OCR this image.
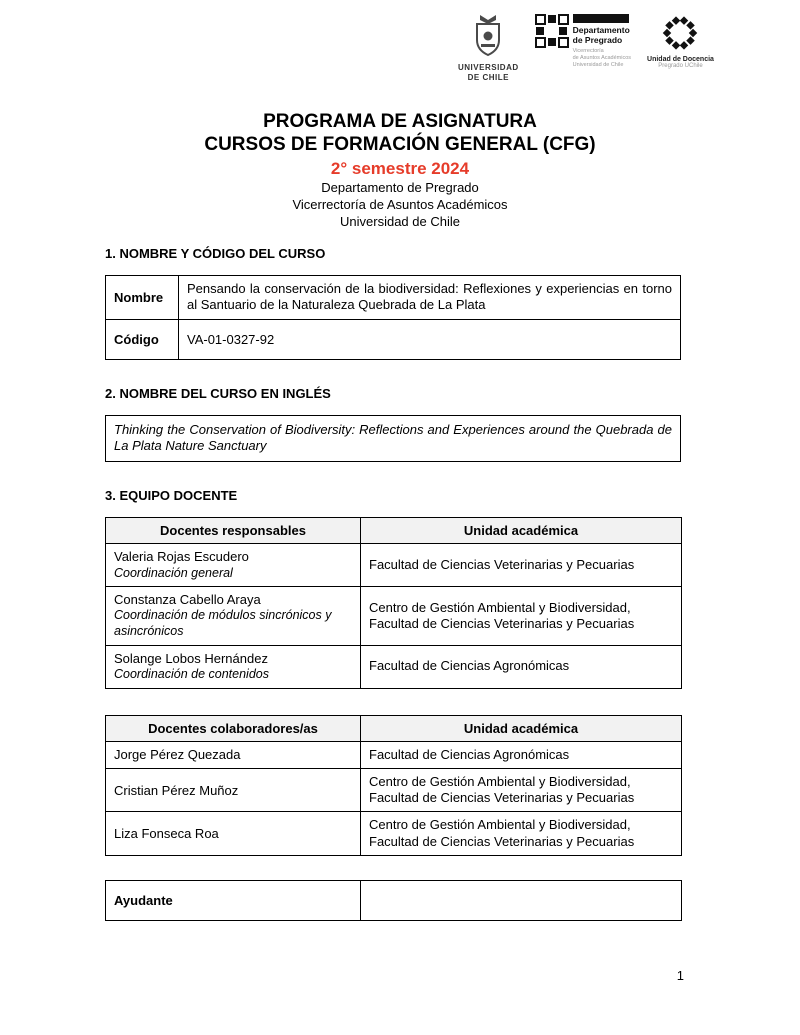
UNIVERSIDAD
DE CHILE
Departamento
de Pregrado
Vicerrectoría
de Asuntos Académicos
Universidad de Chile
Unidad de Docencia
Pregrado UChile
PROGRAMA DE ASIGNATURA
CURSOS DE FORMACIÓN GENERAL (CFG)
2° semestre 2024
Departamento de Pregrado
Vicerrectoría de Asuntos Académicos
Universidad de Chile
1. NOMBRE Y CÓDIGO DEL CURSO
Nombre	Pensando la conservación de la biodiversidad: Reflexiones y experiencias en torno al Santuario de la Naturaleza Quebrada de La Plata
Código	VA-01-0327-92
2. NOMBRE DEL CURSO EN INGLÉS
Thinking the Conservation of Biodiversity: Reflections and Experiences around the Quebrada de La Plata Nature Sanctuary
3. EQUIPO DOCENTE
Docentes responsables	Unidad académica

Valeria Rojas Escudero
Coordinación general	Facultad de Ciencias Veterinarias y Pecuarias

Constanza Cabello Araya
Coordinación de módulos sincrónicos y asincrónicos	Centro de Gestión Ambiental y Biodiversidad, Facultad de Ciencias Veterinarias y Pecuarias

Solange Lobos Hernández
Coordinación de contenidos	Facultad de Ciencias Agronómicas
Docentes colaboradores/as	Unidad académica
Jorge Pérez Quezada	Facultad de Ciencias Agronómicas
Cristian Pérez Muñoz	Centro de Gestión Ambiental y Biodiversidad, Facultad de Ciencias Veterinarias y Pecuarias
Liza Fonseca Roa	Centro de Gestión Ambiental y Biodiversidad, Facultad de Ciencias Veterinarias y Pecuarias
Ayudante	
1
